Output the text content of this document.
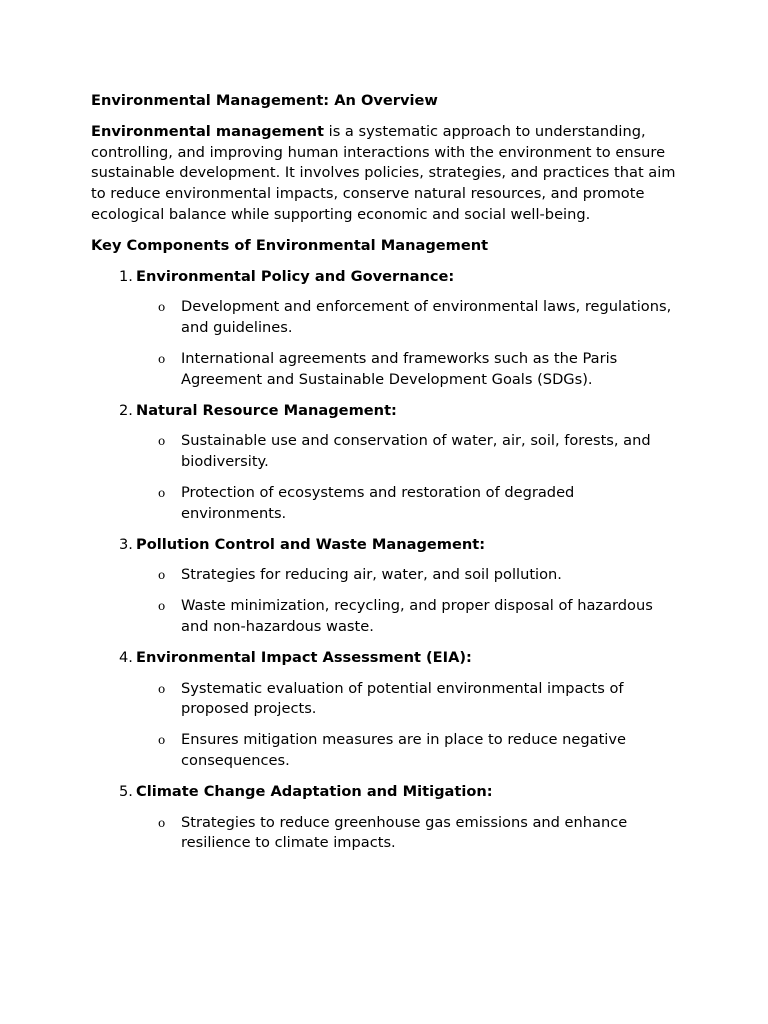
Environmental Management: An Overview

Environmental management is a systematic approach to understanding, controlling, and improving human interactions with the environment to ensure sustainable development. It involves policies, strategies, and practices that aim to reduce environmental impacts, conserve natural resources, and promote ecological balance while supporting economic and social well-being.

Key Components of Environmental Management
1. Environmental Policy and Governance:
o Development and enforcement of environmental laws, regulations, and guidelines.
o International agreements and frameworks such as the Paris Agreement and Sustainable Development Goals (SDGs).
2. Natural Resource Management:
o Sustainable use and conservation of water, air, soil, forests, and biodiversity.
o Protection of ecosystems and restoration of degraded environments.
3. Pollution Control and Waste Management:
o Strategies for reducing air, water, and soil pollution.
o Waste minimization, recycling, and proper disposal of hazardous and non-hazardous waste.
4. Environmental Impact Assessment (EIA):
o Systematic evaluation of potential environmental impacts of proposed projects.
o Ensures mitigation measures are in place to reduce negative consequences.
5. Climate Change Adaptation and Mitigation:
o Strategies to reduce greenhouse gas emissions and enhance resilience to climate impacts.
